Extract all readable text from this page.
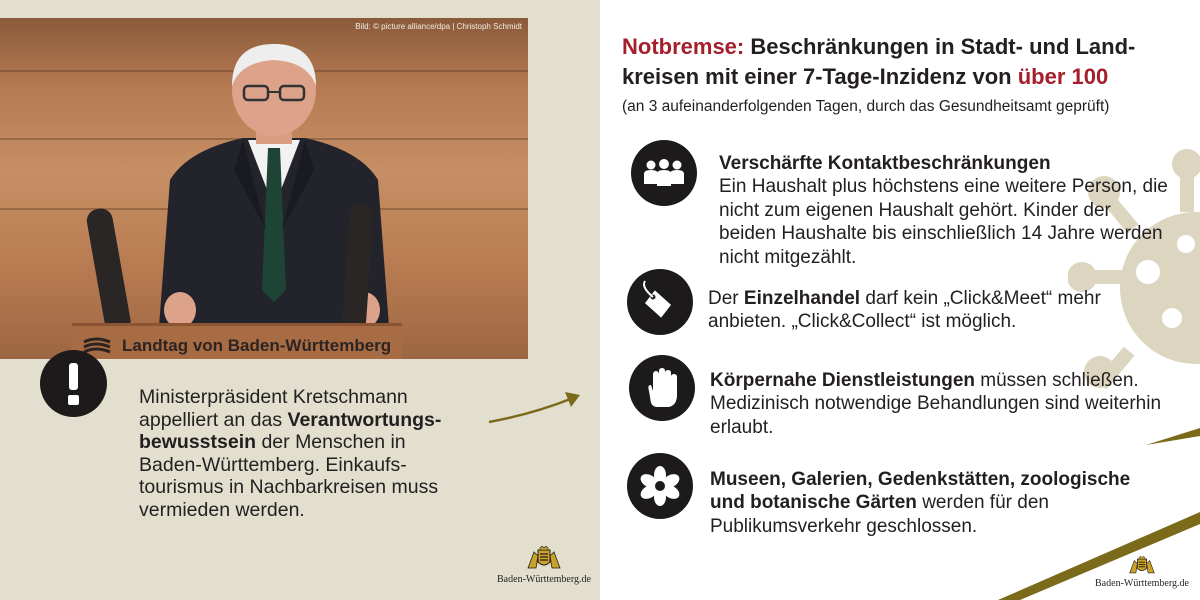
Bild: © picture alliance/dpa | Christoph Schmidt
Landtag von Baden-Württemberg

Ministerpräsident Kretschmann appelliert an das Verantwortungs-bewusstsein der Menschen in Baden-Württemberg. Einkaufs-tourismus in Nachbarkreisen muss vermieden werden.

Baden-Württemberg.de
Notbremse: Beschränkungen in Stadt- und Land-kreisen mit einer 7-Tage-Inzidenz von über 100

(an 3 aufeinanderfolgenden Tagen, durch das Gesundheitsamt geprüft)

Verschärfte Kontaktbeschränkungen
Ein Haushalt plus höchstens eine weitere Person, die nicht zum eigenen Haushalt gehört. Kinder der beiden Haushalte bis einschließlich 14 Jahre werden nicht mitgezählt.
Der Einzelhandel darf kein „Click&Meet“ mehr anbieten. „Click&Collect“ ist möglich.
Körpernahe Dienstleistungen müssen schließen. Medizinisch notwendige Behandlungen sind weiterhin erlaubt.
Museen, Galerien, Gedenkstätten, zoologische und botanische Gärten werden für den Publikumsverkehr geschlossen.
Baden-Württemberg.de
